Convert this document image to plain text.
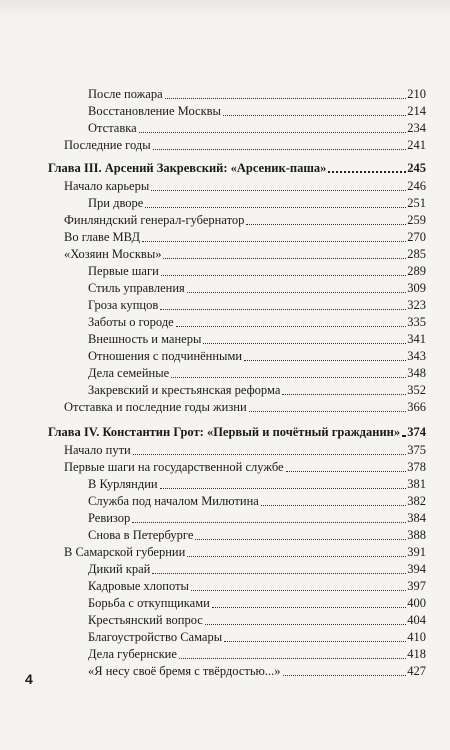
После пожара	210
Восстановление Москвы	214
Отставка	234
Последние годы	241
Глава III. Арсений Закревский: «Арсеник-паша»	245
Начало карьеры	246
При дворе	251
Финляндский генерал-губернатор	259
Во главе МВД	270
«Хозяин Москвы»	285
Первые шаги	289
Стиль управления	309
Гроза купцов	323
Заботы о городе	335
Внешность и манеры	341
Отношения с подчинёнными	343
Дела семейные	348
Закревский и крестьянская реформа	352
Отставка и последние годы жизни	366
Глава IV. Константин Грот: «Первый и почётный гражданин» 374
Начало пути	375
Первые шаги на государственной службе	378
В Курляндии	381
Служба под началом Милютина	382
Ревизор	384
Снова в Петербурге	388
В Самарской губернии	391
Дикий край	394
Кадровые хлопоты	397
Борьба с откупщиками	400
Крестьянский вопрос	404
Благоустройство Самары	410
Дела губернские	418
«Я несу своё бремя с твёрдостью...»	427
4
